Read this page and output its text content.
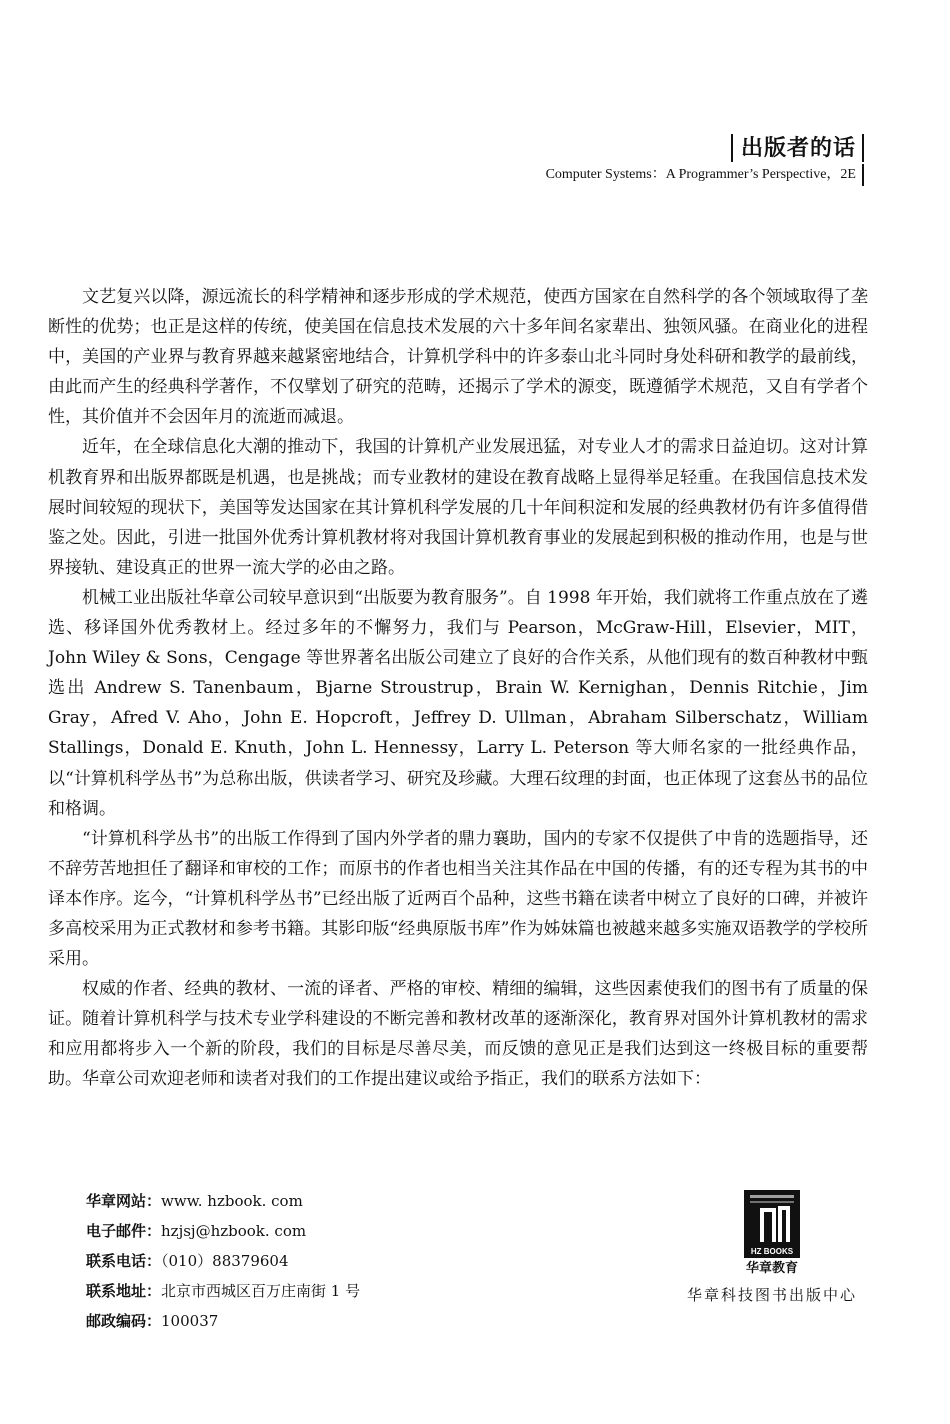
出版者的话
Computer Systems：A Programmer’s Perspective，2E

文艺复兴以降，源远流长的科学精神和逐步形成的学术规范，使西方国家在自然科学的各个领域取得了垄断性的优势；也正是这样的传统，使美国在信息技术发展的六十多年间名家辈出、独领风骚。在商业化的进程中，美国的产业界与教育界越来越紧密地结合，计算机学科中的许多泰山北斗同时身处科研和教学的最前线，由此而产生的经典科学著作，不仅擘划了研究的范畴，还揭示了学术的源变，既遵循学术规范，又自有学者个性，其价值并不会因年月的流逝而减退。

近年，在全球信息化大潮的推动下，我国的计算机产业发展迅猛，对专业人才的需求日益迫切。这对计算机教育界和出版界都既是机遇，也是挑战；而专业教材的建设在教育战略上显得举足轻重。在我国信息技术发展时间较短的现状下，美国等发达国家在其计算机科学发展的几十年间积淀和发展的经典教材仍有许多值得借鉴之处。因此，引进一批国外优秀计算机教材将对我国计算机教育事业的发展起到积极的推动作用，也是与世界接轨、建设真正的世界一流大学的必由之路。

机械工业出版社华章公司较早意识到“出版要为教育服务”。自 1998 年开始，我们就将工作重点放在了遴选、移译国外优秀教材上。经过多年的不懈努力，我们与 Pearson，McGraw-Hill，Elsevier，MIT，John Wiley & Sons，Cengage 等世界著名出版公司建立了良好的合作关系，从他们现有的数百种教材中甄选出 Andrew S. Tanenbaum，Bjarne Stroustrup，Brain W. Kernighan，Dennis Ritchie，Jim Gray，Afred V. Aho，John E. Hopcroft，Jeffrey D. Ullman，Abraham Silberschatz，William Stallings，Donald E. Knuth，John L. Hennessy，Larry L. Peterson 等大师名家的一批经典作品，以“计算机科学丛书”为总称出版，供读者学习、研究及珍藏。大理石纹理的封面，也正体现了这套丛书的品位和格调。

“计算机科学丛书”的出版工作得到了国内外学者的鼎力襄助，国内的专家不仅提供了中肯的选题指导，还不辞劳苦地担任了翻译和审校的工作；而原书的作者也相当关注其作品在中国的传播，有的还专程为其书的中译本作序。迄今，“计算机科学丛书”已经出版了近两百个品种，这些书籍在读者中树立了良好的口碑，并被许多高校采用为正式教材和参考书籍。其影印版“经典原版书库”作为姊妹篇也被越来越多实施双语教学的学校所采用。

权威的作者、经典的教材、一流的译者、严格的审校、精细的编辑，这些因素使我们的图书有了质量的保证。随着计算机科学与技术专业学科建设的不断完善和教材改革的逐渐深化，教育界对国外计算机教材的需求和应用都将步入一个新的阶段，我们的目标是尽善尽美，而反馈的意见正是我们达到这一终极目标的重要帮助。华章公司欢迎老师和读者对我们的工作提出建议或给予指正，我们的联系方法如下：

华章网站：www. hzbook. com
电子邮件：hzjsj@hzbook. com
联系电话：（010）88379604
联系地址：北京市西城区百万庄南街 1 号
邮政编码：100037
HZ BOOKS
华章教育
华章科技图书出版中心
